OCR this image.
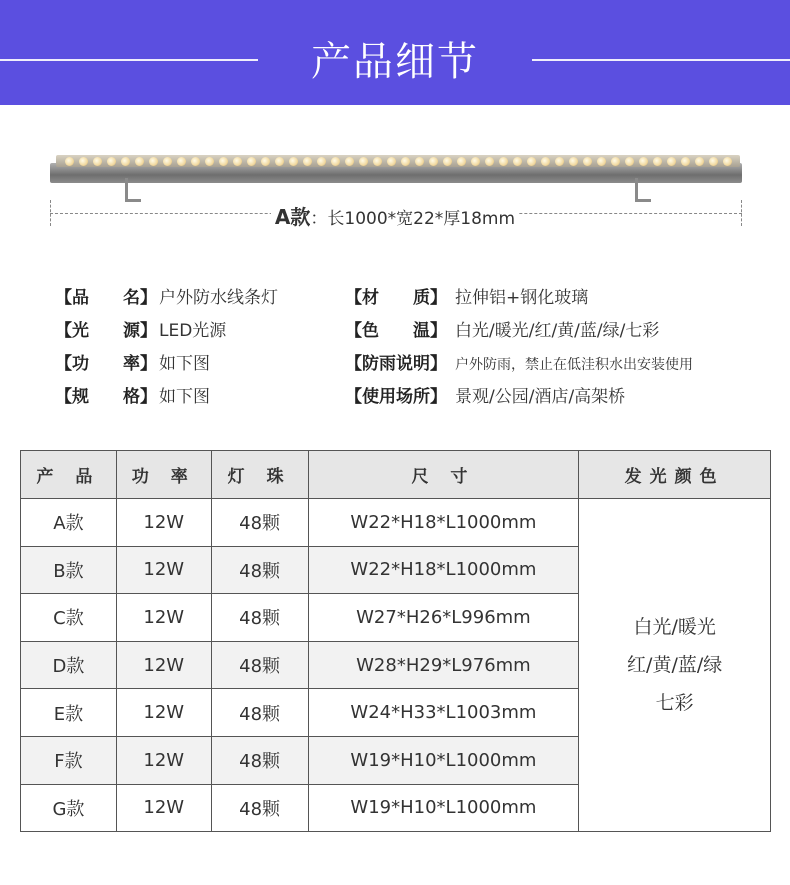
产品细节
A款：长1000*宽22*厚18mm
【品　　名】 户外防水线条灯
【光　　源】 LED光源
【功　　率】 如下图
【规　　格】 如下图
【材　　质】 拉伸铝+钢化玻璃
【色　　温】 白光/暖光/红/黄/蓝/绿/七彩
【防雨说明】 户外防雨，禁止在低洼积水出安装使用
【使用场所】 景观/公园/酒店/高架桥
产 品	功 率	灯 珠	尺 寸	发光颜色
A款	12W	48颗	W22*H18*L1000mm	白光/暖光
红/黄/蓝/绿
七彩

B款	12W	48颗	W22*H18*L1000mm	
C款	12W	48颗	W27*H26*L996mm	
D款	12W	48颗	W28*H29*L976mm	
E款	12W	48颗	W24*H33*L1003mm	
F款	12W	48颗	W19*H10*L1000mm	
G款	12W	48颗	W19*H10*L1000mm	
